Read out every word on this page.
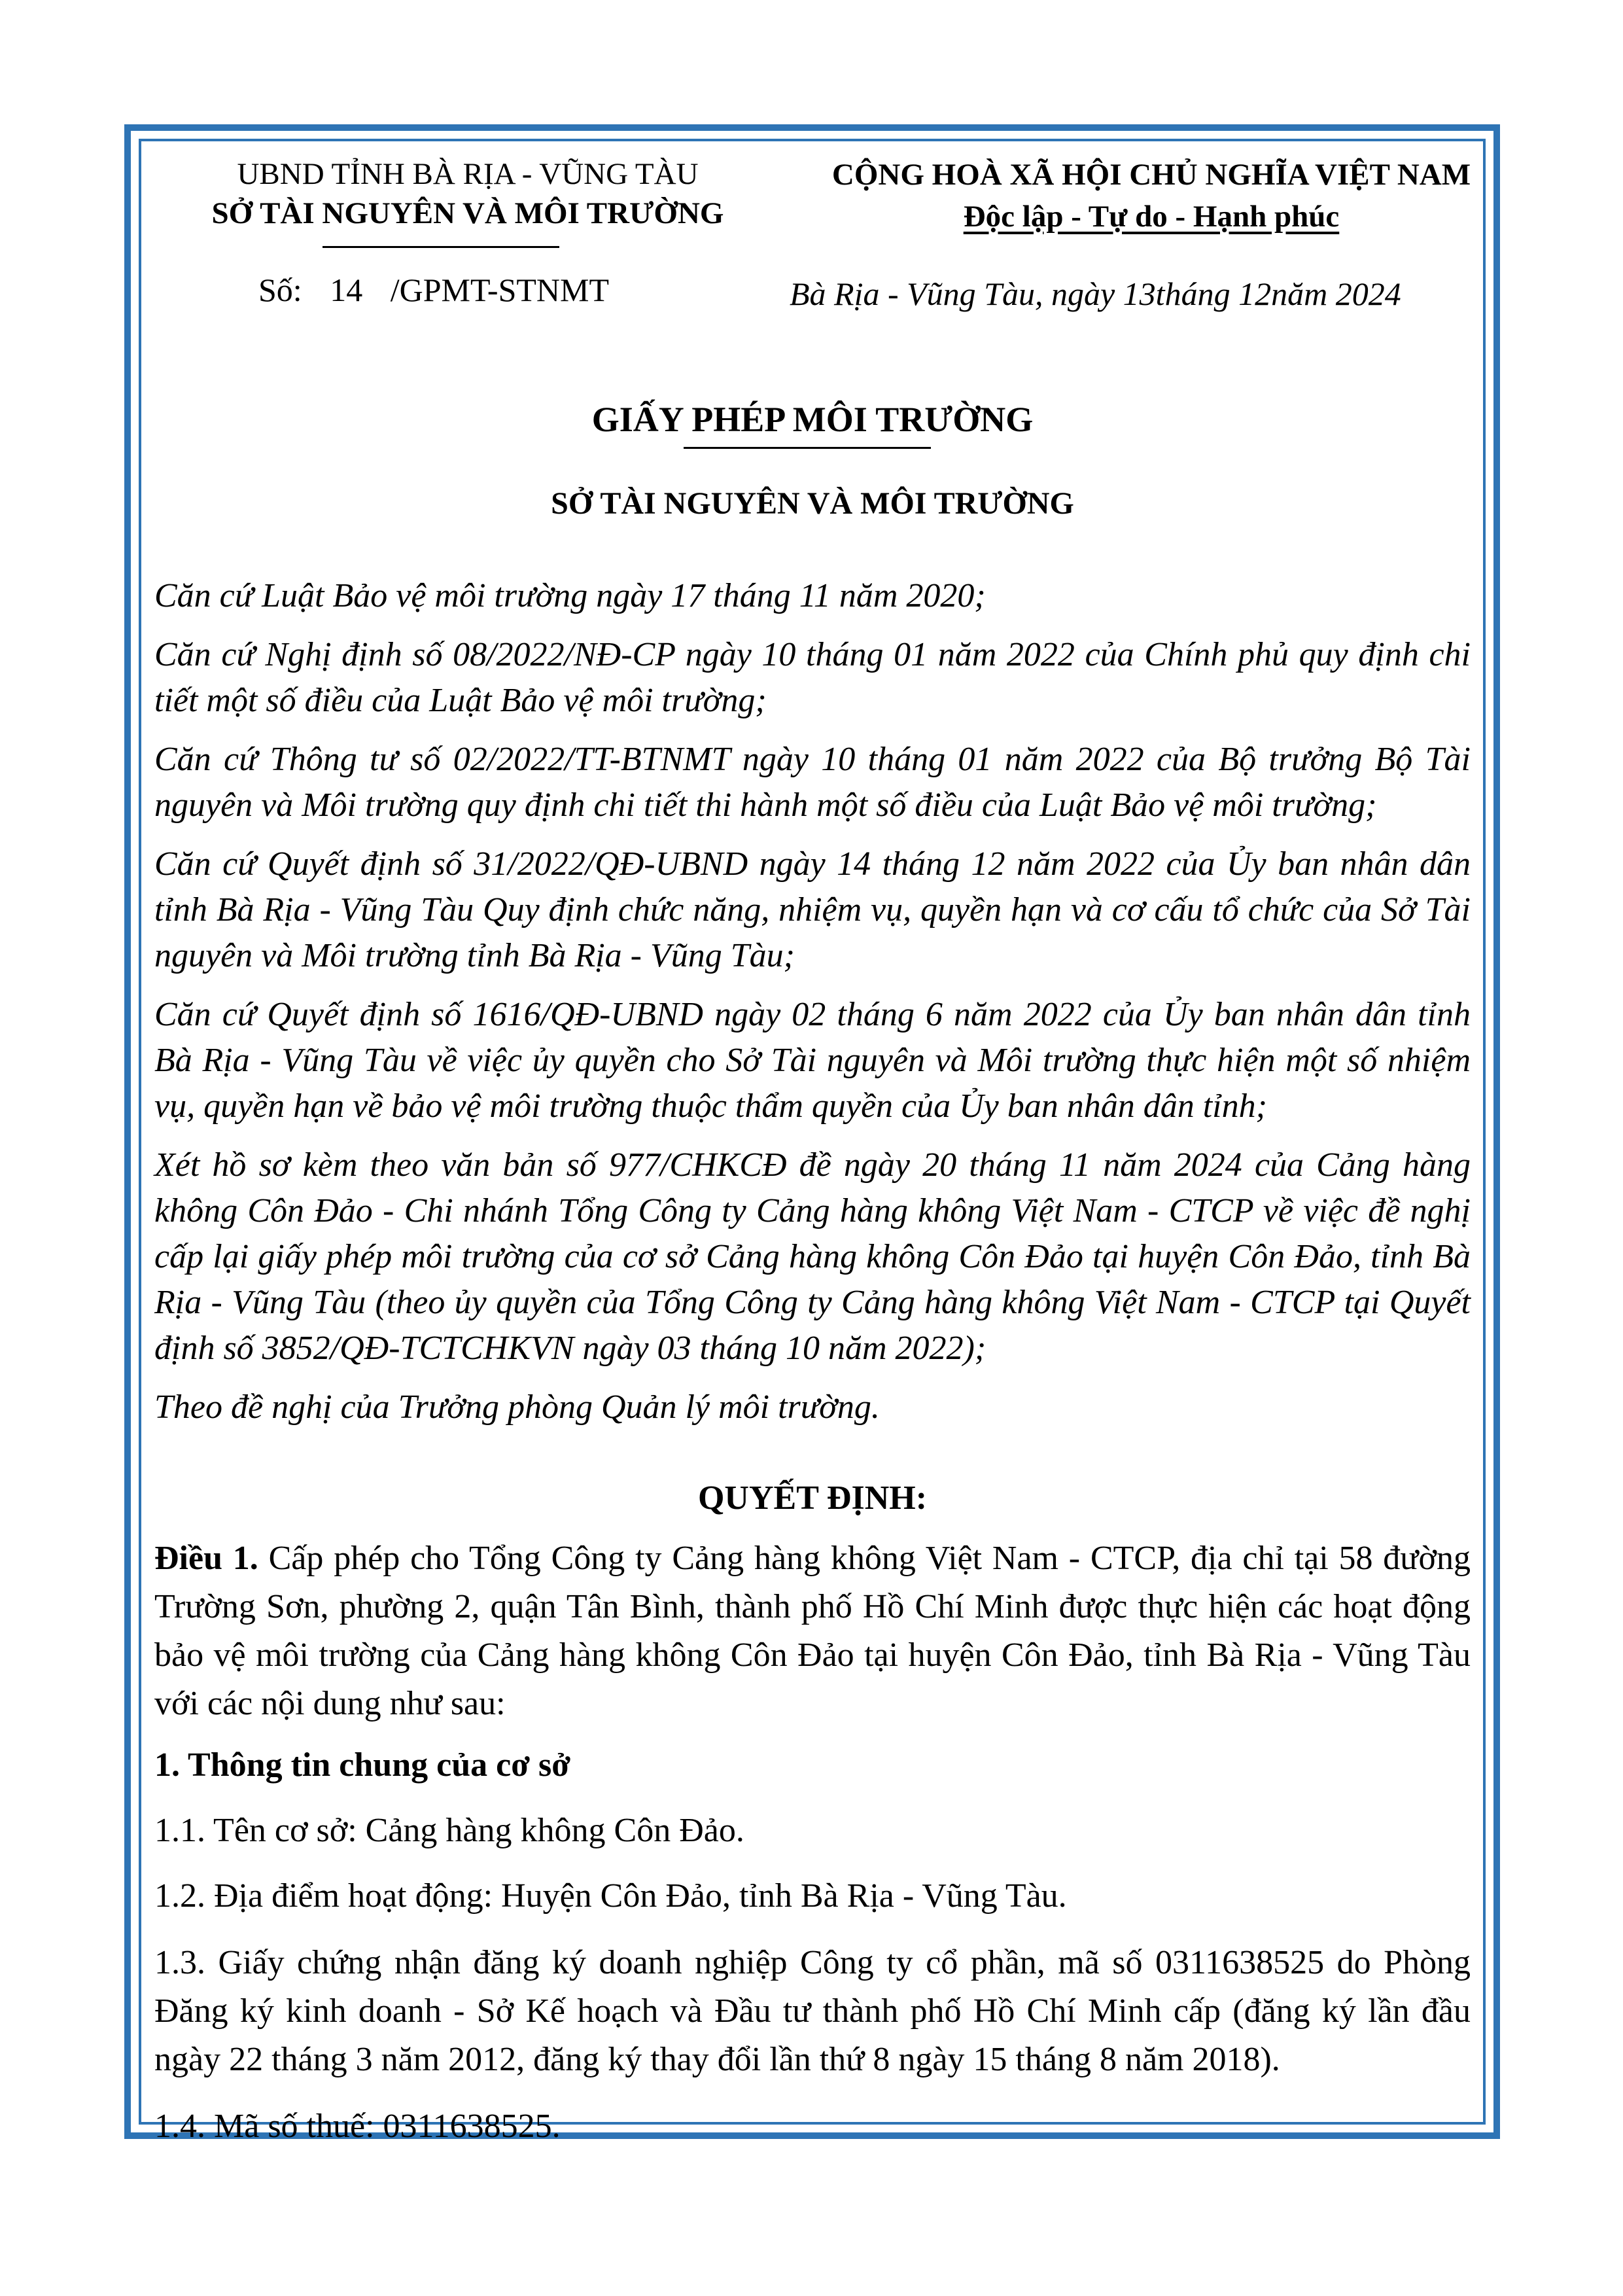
UBND TỈNH BÀ RỊA - VŨNG TÀU
SỞ TÀI NGUYÊN VÀ MÔI TRƯỜNG
CỘNG HOÀ XÃ HỘI CHỦ NGHĨA VIỆT NAM
Độc lập - Tự do - Hạnh phúc
Số: 14 /GPMT-STNMT	Bà Rịa - Vũng Tàu, ngày 13tháng 12năm 2024
GIẤY PHÉP MÔI TRƯỜNG
SỞ TÀI NGUYÊN VÀ MÔI TRƯỜNG
Căn cứ Luật Bảo vệ môi trường ngày 17 tháng 11 năm 2020;
Căn cứ Nghị định số 08/2022/NĐ-CP ngày 10 tháng 01 năm 2022 của Chính phủ quy định chi tiết một số điều của Luật Bảo vệ môi trường;
Căn cứ Thông tư số 02/2022/TT-BTNMT ngày 10 tháng 01 năm 2022 của Bộ trưởng Bộ Tài nguyên và Môi trường quy định chi tiết thi hành một số điều của Luật Bảo vệ môi trường;
Căn cứ Quyết định số 31/2022/QĐ-UBND ngày 14 tháng 12 năm 2022 của Ủy ban nhân dân tỉnh Bà Rịa - Vũng Tàu Quy định chức năng, nhiệm vụ, quyền hạn và cơ cấu tổ chức của Sở Tài nguyên và Môi trường tỉnh Bà Rịa - Vũng Tàu;
Căn cứ Quyết định số 1616/QĐ-UBND ngày 02 tháng 6 năm 2022 của Ủy ban nhân dân tỉnh Bà Rịa - Vũng Tàu về việc ủy quyền cho Sở Tài nguyên và Môi trường thực hiện một số nhiệm vụ, quyền hạn về bảo vệ môi trường thuộc thẩm quyền của Ủy ban nhân dân tỉnh;
Xét hồ sơ kèm theo văn bản số 977/CHKCĐ đề ngày 20 tháng 11 năm 2024 của Cảng hàng không Côn Đảo - Chi nhánh Tổng Công ty Cảng hàng không Việt Nam - CTCP về việc đề nghị cấp lại giấy phép môi trường của cơ sở Cảng hàng không Côn Đảo tại huyện Côn Đảo, tỉnh Bà Rịa - Vũng Tàu (theo ủy quyền của Tổng Công ty Cảng hàng không Việt Nam - CTCP tại Quyết định số 3852/QĐ-TCTCHKVN ngày 03 tháng 10 năm 2022);
Theo đề nghị của Trưởng phòng Quản lý môi trường.
QUYẾT ĐỊNH:
Điều 1. Cấp phép cho Tổng Công ty Cảng hàng không Việt Nam - CTCP, địa chỉ tại 58 đường Trường Sơn, phường 2, quận Tân Bình, thành phố Hồ Chí Minh được thực hiện các hoạt động bảo vệ môi trường của Cảng hàng không Côn Đảo tại huyện Côn Đảo, tỉnh Bà Rịa - Vũng Tàu với các nội dung như sau:
1. Thông tin chung của cơ sở
1.1. Tên cơ sở: Cảng hàng không Côn Đảo.
1.2. Địa điểm hoạt động: Huyện Côn Đảo, tỉnh Bà Rịa - Vũng Tàu.
1.3. Giấy chứng nhận đăng ký doanh nghiệp Công ty cổ phần, mã số 0311638525 do Phòng Đăng ký kinh doanh - Sở Kế hoạch và Đầu tư thành phố Hồ Chí Minh cấp (đăng ký lần đầu ngày 22 tháng 3 năm 2012, đăng ký thay đổi lần thứ 8 ngày 15 tháng 8 năm 2018).
1.4. Mã số thuế: 0311638525.
